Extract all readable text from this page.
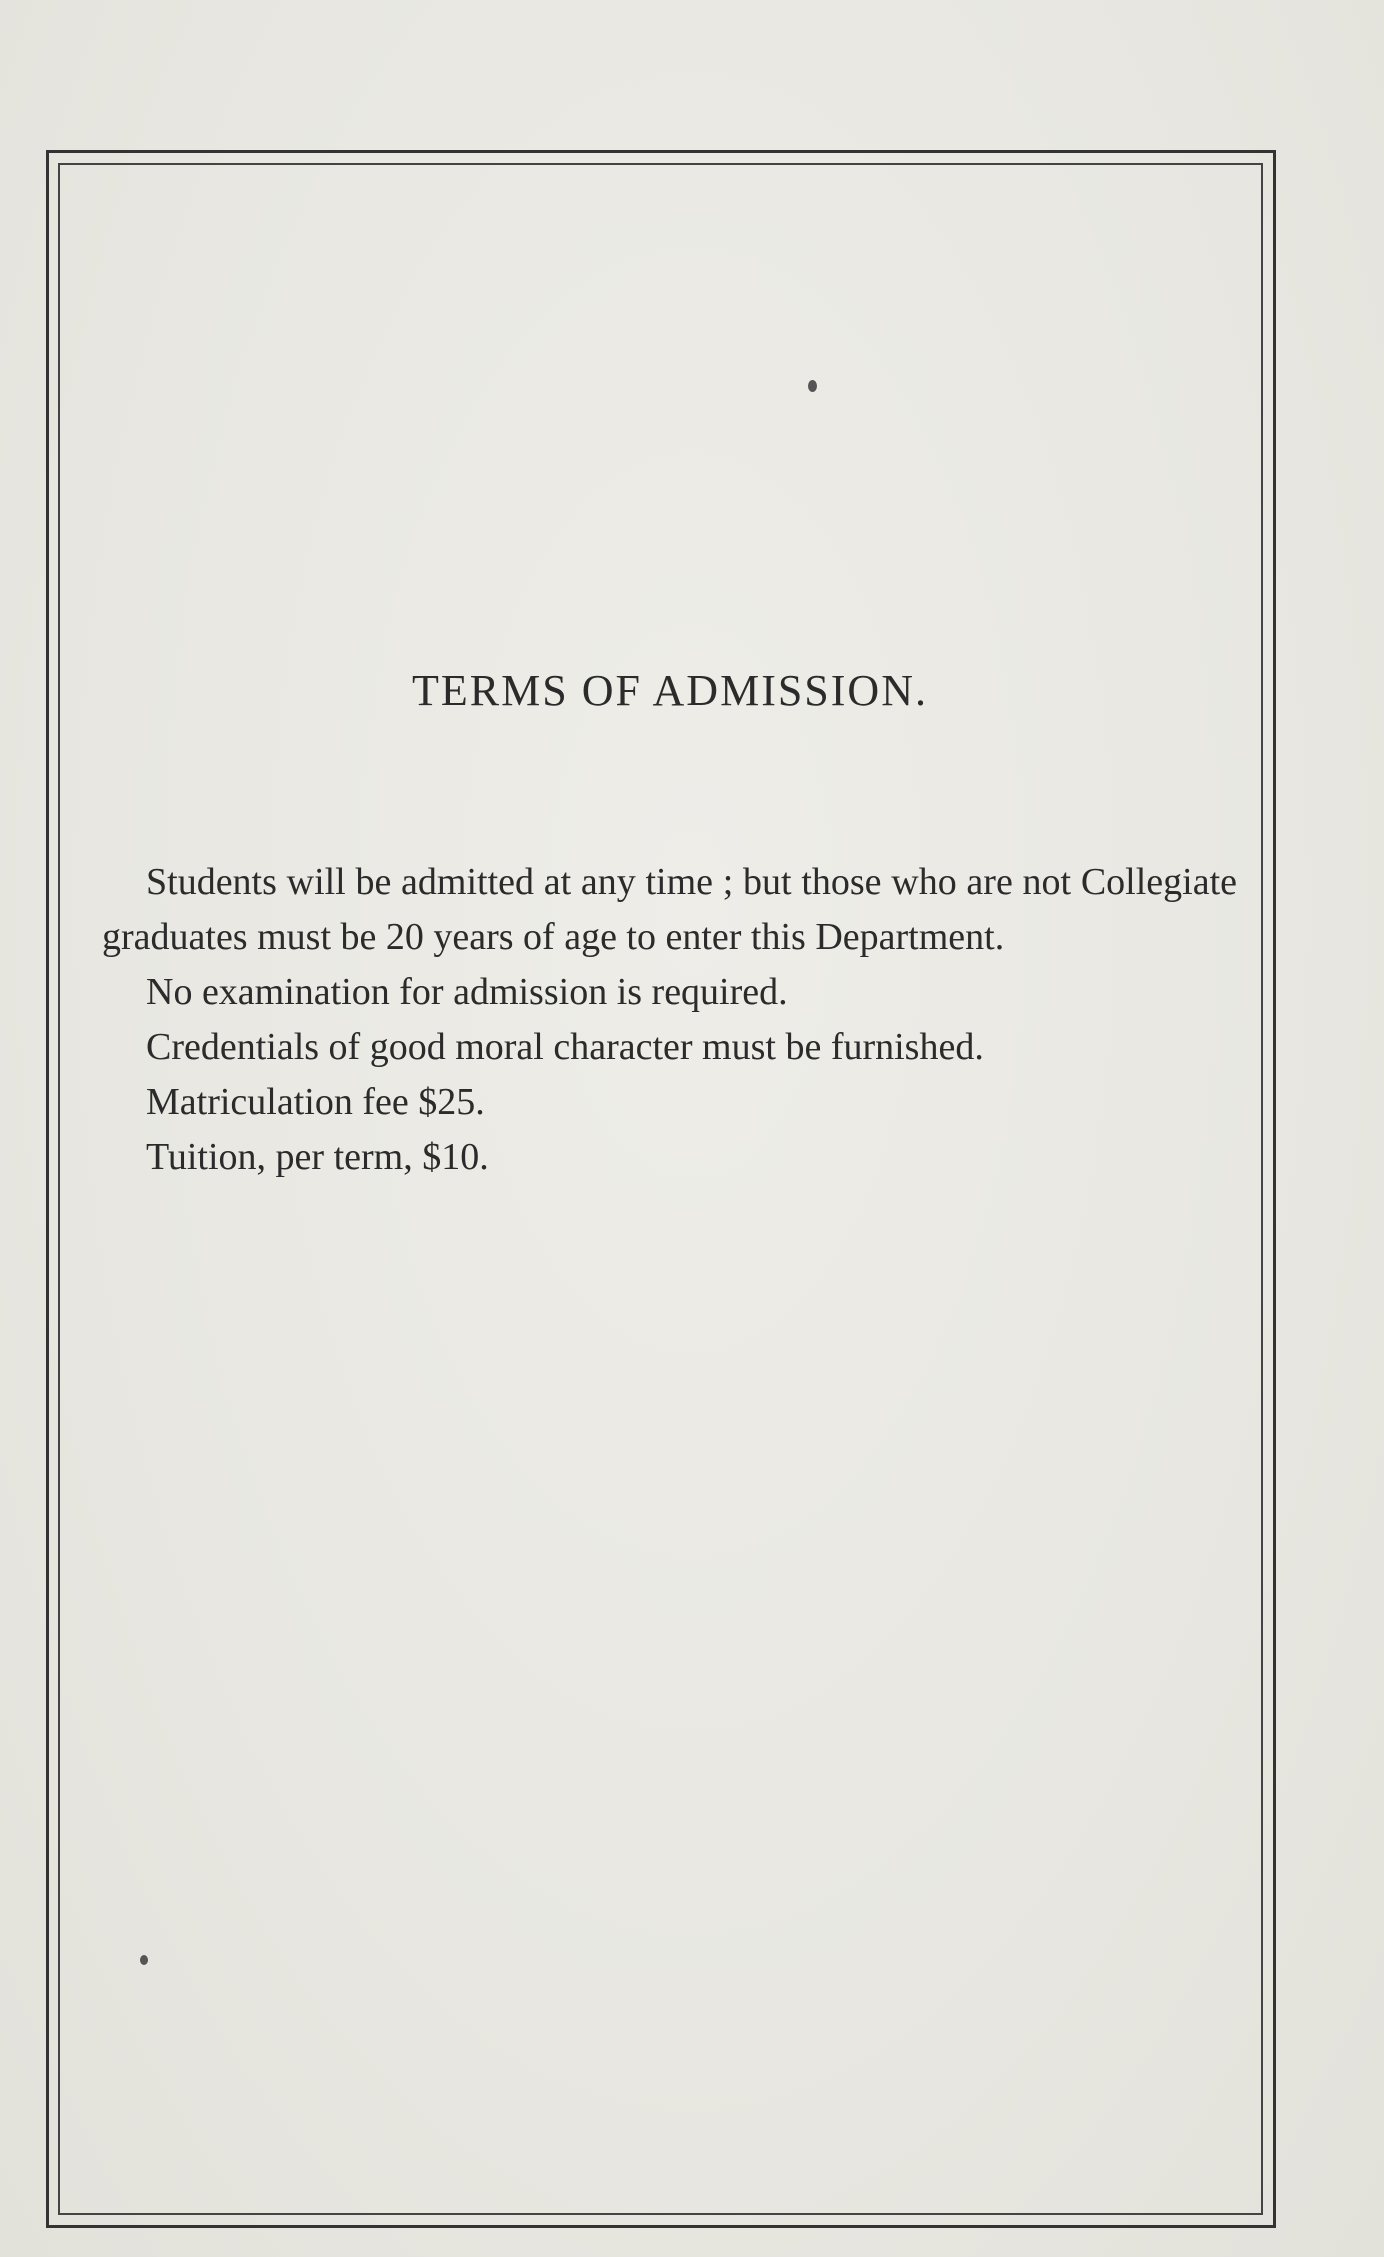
TERMS OF ADMISSION.

Students will be admitted at any time ; but those who are not Collegiate graduates must be 20 years of age to enter this Department.

No examination for admission is required.

Credentials of good moral character must be furnished.

Matriculation fee $25.

Tuition, per term, $10.
